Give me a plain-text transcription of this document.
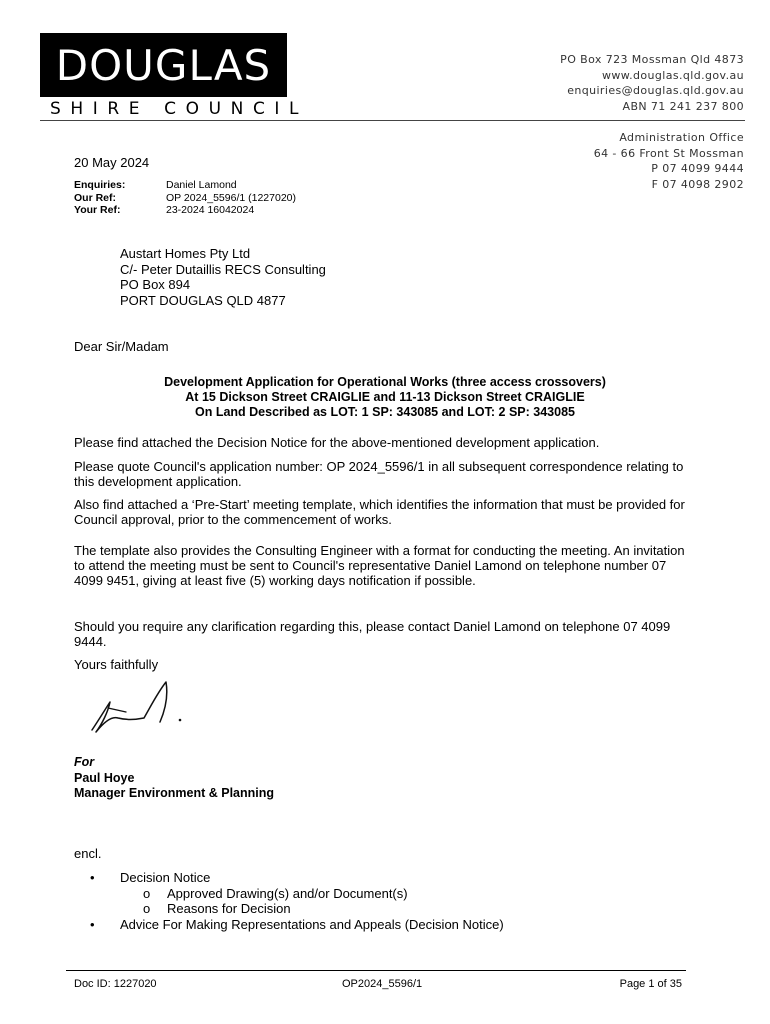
DOUGLAS
SHIRE COUNCIL
PO Box 723 Mossman Qld 4873
www.douglas.qld.gov.au
enquiries@douglas.qld.gov.au
ABN 71 241 237 800
Administration Office
64 - 66 Front St Mossman
P 07 4099 9444
F 07 4098 2902
20 May 2024
Enquiries:	Daniel Lamond
Our Ref:	OP 2024_5596/1 (1227020)
Your Ref:	23-2024 16042024
Austart Homes Pty Ltd
C/- Peter Dutaillis RECS Consulting
PO Box 894
PORT DOUGLAS QLD 4877
Dear Sir/Madam
Development Application for Operational Works (three access crossovers)
At 15 Dickson Street CRAIGLIE and 11-13 Dickson Street CRAIGLIE
On Land Described as LOT: 1 SP: 343085 and LOT: 2 SP: 343085
Please find attached the Decision Notice for the above-mentioned development application.
Please quote Council's application number: OP 2024_5596/1 in all subsequent correspondence relating to this development application.
Also find attached a ‘Pre-Start’ meeting template, which identifies the information that must be provided for Council approval, prior to the commencement of works.
The template also provides the Consulting Engineer with a format for conducting the meeting. An invitation to attend the meeting must be sent to Council's representative Daniel Lamond on telephone number 07 4099 9451, giving at least five (5) working days notification if possible.
Should you require any clarification regarding this, please contact Daniel Lamond on telephone 07 4099 9444.
Yours faithfully
For
Paul Hoye
Manager Environment & Planning
encl.
•	Decision Notice
o	Approved Drawing(s) and/or Document(s)
o	Reasons for Decision
•	Advice For Making Representations and Appeals (Decision Notice)
Doc ID: 1227020	OP2024_5596/1	Page 1 of 35
